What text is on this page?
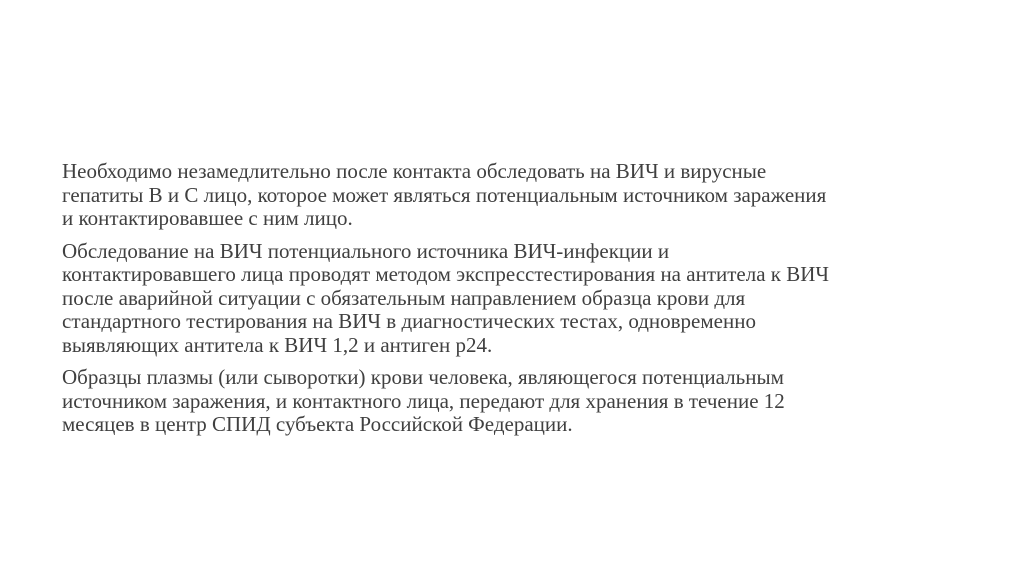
Необходимо незамедлительно после контакта обследовать на ВИЧ и вирусные
гепатиты В и С лицо, которое может являться потенциальным источником заражения
и контактировавшее с ним лицо.

Обследование на ВИЧ потенциального источника ВИЧ-инфекции и
контактировавшего лица проводят методом экспресстестирования на антитела к ВИЧ
после аварийной ситуации с обязательным направлением образца крови для
стандартного тестирования на ВИЧ в диагностических тестах, одновременно
выявляющих антитела к ВИЧ 1,2 и антиген р24.

Образцы плазмы (или сыворотки) крови человека, являющегося потенциальным
источником заражения, и контактного лица, передают для хранения в течение 12
месяцев в центр СПИД субъекта Российской Федерации.
